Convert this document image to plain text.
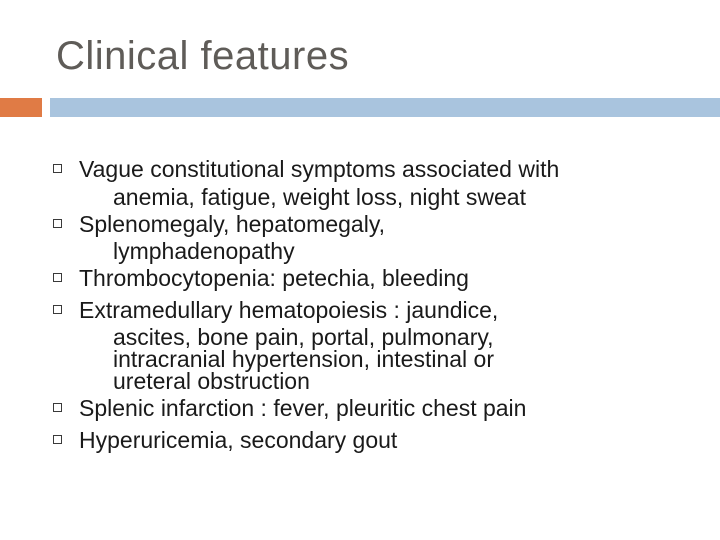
Clinical features
Vague constitutional symptoms associated with
anemia, fatigue, weight loss, night sweat
Splenomegaly, hepatomegaly,
lymphadenopathy
Thrombocytopenia: petechia, bleeding
Extramedullary hematopoiesis : jaundice,
ascites, bone pain, portal, pulmonary,
intracranial hypertension, intestinal or
ureteral obstruction
Splenic infarction : fever, pleuritic chest pain
Hyperuricemia, secondary gout
